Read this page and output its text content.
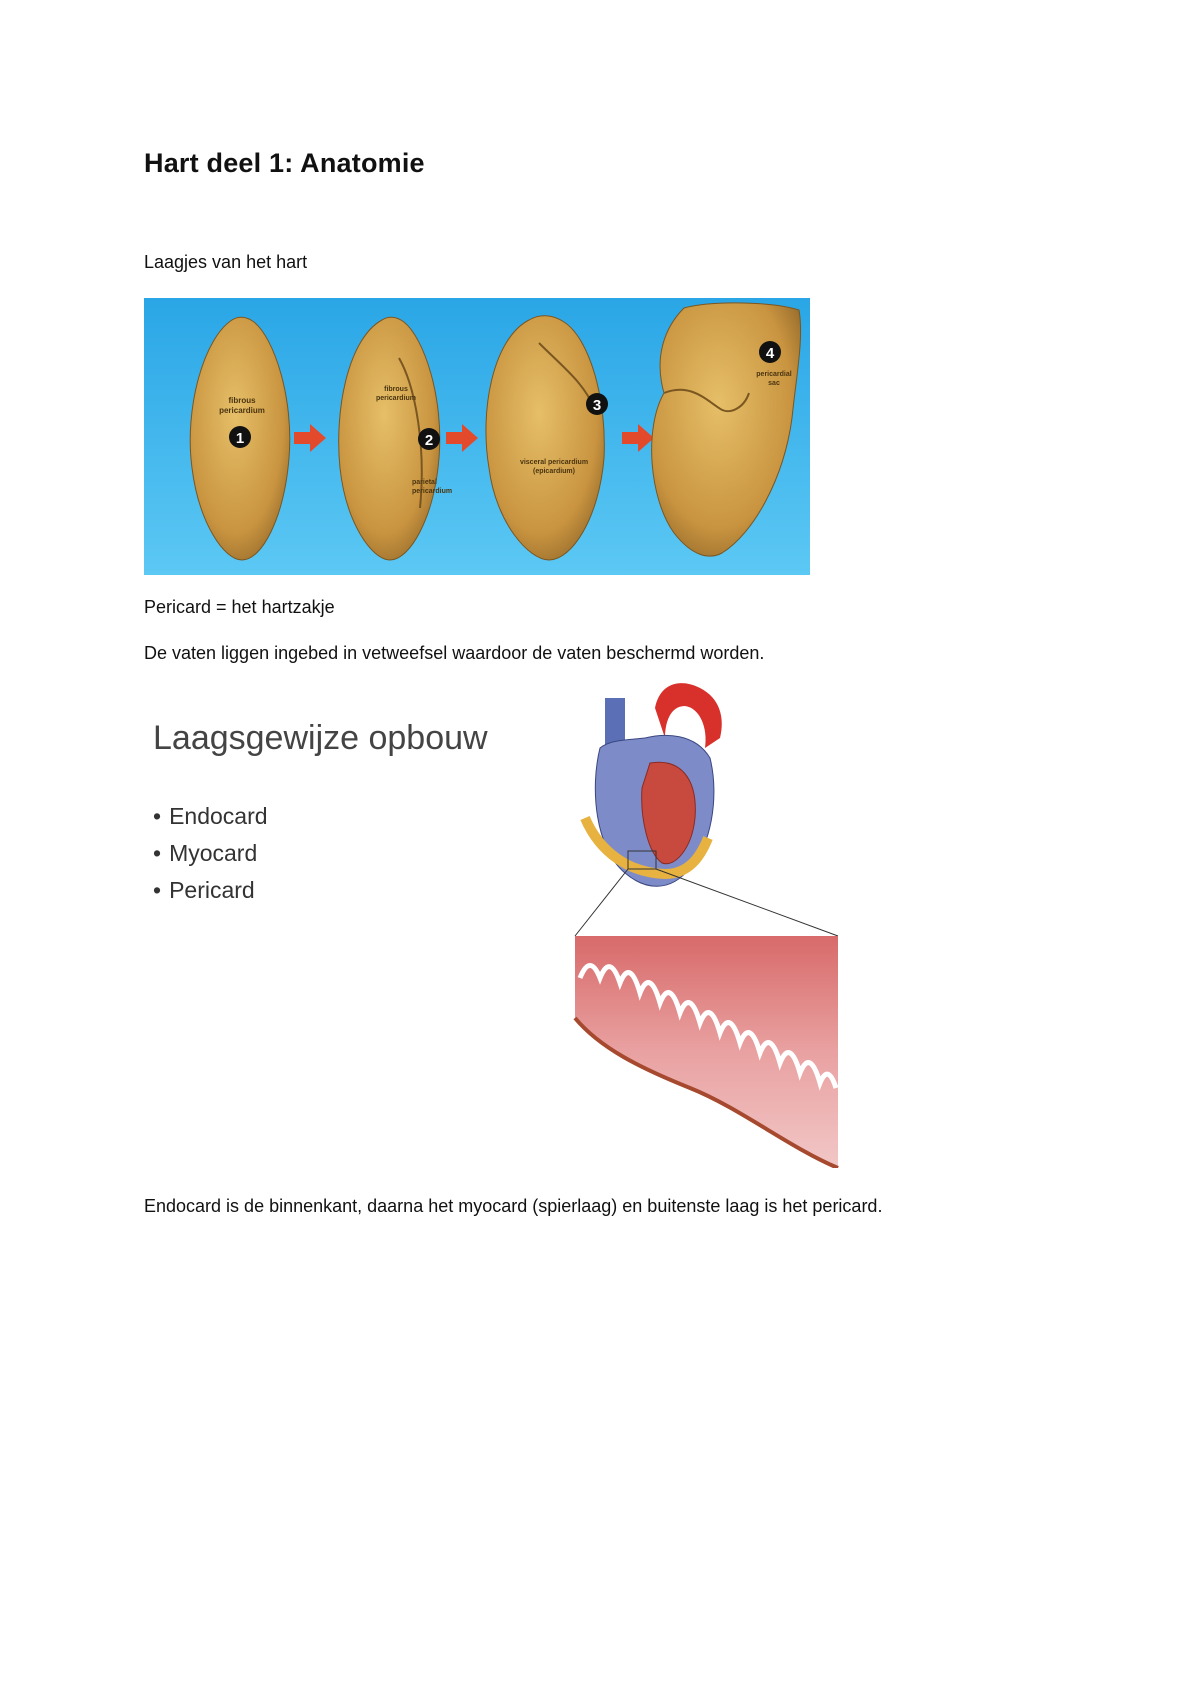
Hart deel 1: Anatomie

Laagjes van het hart

fibrous
pericardium
1
fibrous
pericardium
2
parietal
pericardium
3
visceral pericardium
(epicardium)
4
pericardial
sac

Pericard = het hartzakje

De vaten liggen ingebed in vetweefsel waardoor de vaten beschermd worden.

Laagsgewijze opbouw
• Endocard
• Myocard
• Pericard

Endocard is de binnenkant, daarna het myocard (spierlaag) en buitenste laag is het pericard.
